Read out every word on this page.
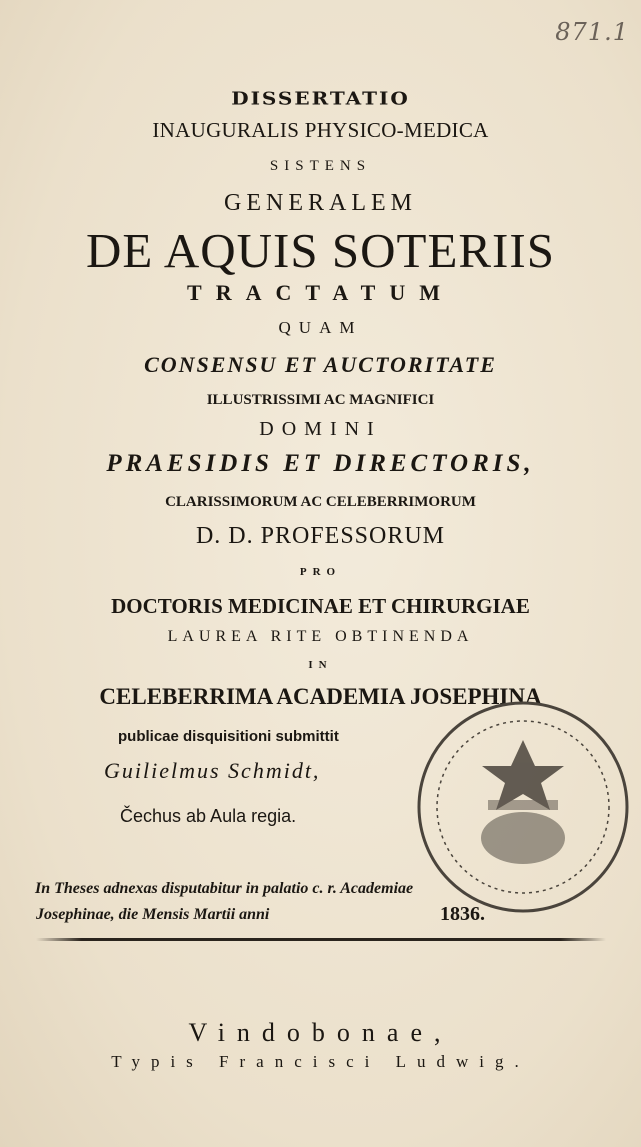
871.1
DISSERTATIO
INAUGURALIS PHYSICO-MEDICA
SISTENS
GENERALEM
DE AQUIS SOTERIIS
TRACTATUM
QUAM
CONSENSU ET AUCTORITATE
ILLUSTRISSIMI AC MAGNIFICI
DOMINI
PRAESIDIS ET DIRECTORIS,
CLARISSIMORUM AC CELEBERRIMORUM
D. D. PROFESSORUM
PRO
DOCTORIS MEDICINAE ET CHIRURGIAE
LAUREA RITE OBTINENDA
IN
CELEBERRIMA ACADEMIA JOSEPHINA
publicae disquisitioni submittit
Guilielmus Schmidt,
Čechus ab Aula regia.
In Theses adnexas disputabitur in palatio c. r. Academiae
Josephinae, die Mensis Martii anni	1836.
Vindobonae,
Typis Francisci Ludwig.
